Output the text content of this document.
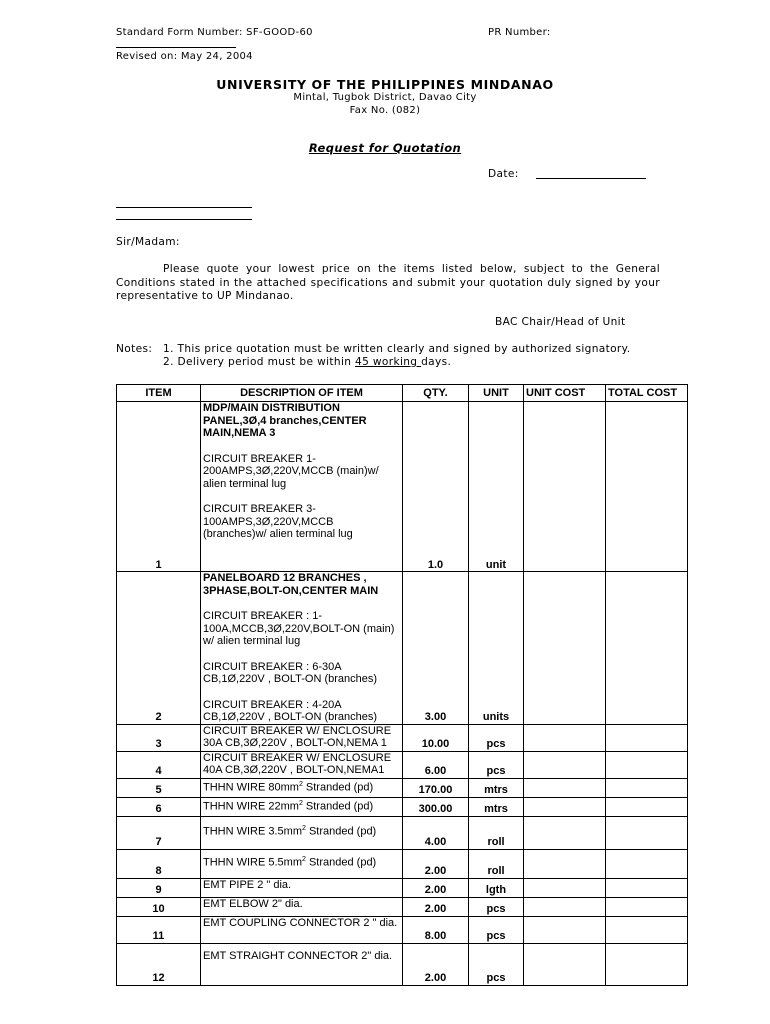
Standard Form Number: SF-GOOD-60	PR Number:
Revised on: May 24, 2004
UNIVERSITY OF THE PHILIPPINES MINDANAO
Mintal, Tugbok District, Davao City
Fax No. (082)
Request for Quotation
Date:
Sir/Madam:
Please quote your lowest price on the items listed below, subject to the General Conditions stated in the attached specifications and submit your quotation duly signed by your representative to UP Mindanao.
BAC Chair/Head of Unit
Notes: 1. This price quotation must be written clearly and signed by authorized signatory.
2. Delivery period must be within 45 working days.
ITEM	DESCRIPTION OF ITEM	QTY.	UNIT	UNIT COST	TOTAL COST
1	MDP/MAIN DISTRIBUTION PANEL,3Ø,4 branches,CENTER MAIN,NEMA 3
CIRCUIT BREAKER 1-200AMPS,3Ø,220V,MCCB (main)w/ alien terminal lug
CIRCUIT BREAKER 3-100AMPS,3Ø,220V,MCCB (branches)w/ alien terminal lug	1.0	unit		
2	PANELBOARD 12 BRANCHES , 3PHASE,BOLT-ON,CENTER MAIN
CIRCUIT BREAKER : 1-100A,MCCB,3Ø,220V,BOLT-ON (main) w/ alien terminal lug
CIRCUIT BREAKER : 6-30A CB,1Ø,220V , BOLT-ON (branches)
CIRCUIT BREAKER : 4-20A CB,1Ø,220V , BOLT-ON (branches)	3.00	units		
3	CIRCUIT BREAKER W/ ENCLOSURE 30A CB,3Ø,220V , BOLT-ON,NEMA 1	10.00	pcs		
4	CIRCUIT BREAKER W/ ENCLOSURE 40A CB,3Ø,220V , BOLT-ON,NEMA1	6.00	pcs		
5	THHN WIRE $80mm^2$ Stranded (pd)	170.00	mtrs		
6	THHN WIRE $22mm^2$ Stranded (pd)	300.00	mtrs		
7	THHN WIRE $3.5mm^2$ Stranded (pd)	4.00	roll		
8	THHN WIRE $5.5mm^2$ Stranded (pd)	2.00	roll		
9	EMT PIPE 2 " dia.	2.00	lgth		
10	EMT ELBOW 2" dia.	2.00	pcs		
11	EMT COUPLING CONNECTOR 2 " dia.	8.00	pcs		
12	EMT STRAIGHT CONNECTOR 2" dia.	2.00	pcs		
